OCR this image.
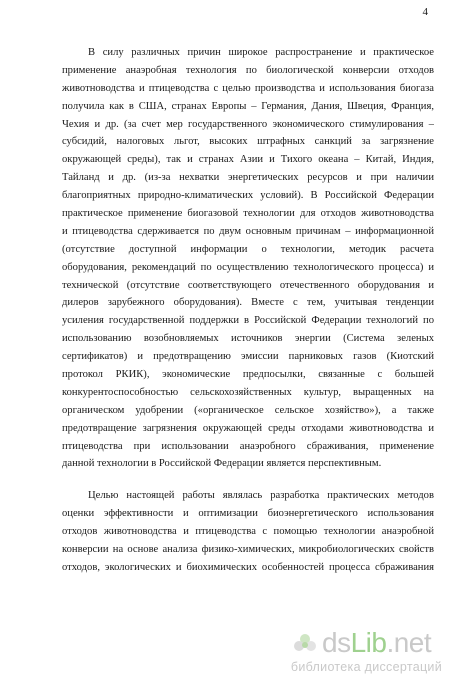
4
В силу различных причин широкое распространение и практическое
применение анаэробная технология по биологической конверсии отходов
животноводства и птицеводства с целью производства и использования биогаза
получила как в США, странах Европы – Германия, Дания, Швеция, Франция,
Чехия и др. (за счет мер государственного экономического стимулирования –
субсидий, налоговых льгот, высоких штрафных санкций за загрязнение
окружающей среды), так и странах Азии и Тихого океана – Китай, Индия,
Тайланд и др. (из-за нехватки энергетических ресурсов и при наличии
благоприятных природно-климатических условий). В Российской Федерации
практическое применение биогазовой технологии для отходов животноводства
и птицеводства сдерживается по двум основным причинам – информационной
(отсутствие доступной информации о технологии, методик расчета
оборудования, рекомендаций по осуществлению технологического процесса) и
технической (отсутствие соответствующего отечественного оборудования и
дилеров зарубежного оборудования). Вместе с тем, учитывая тенденции
усиления государственной поддержки в Российской Федерации технологий по
использованию возобновляемых источников энергии (Система зеленых
сертификатов) и предотвращению эмиссии парниковых газов (Киотский
протокол РКИК), экономические предпосылки, связанные с большей
конкурентоспособностью сельскохозяйственных культур, выращенных на
органическом удобрении («органическое сельское хозяйство»), а также
предотвращение загрязнения окружающей среды отходами животноводства и
птицеводства при использовании анаэробного сбраживания, применение
данной технологии в Российской Федерации является перспективным.
Целью настоящей работы являлась разработка практических методов
оценки эффективности и оптимизации биоэнергетического использования
отходов животноводства и птицеводства с помощью технологии анаэробной
конверсии на основе анализа физико-химических, микробиологических свойств
отходов, экологических и биохимических особенностей процесса сбраживания
dsLib.net
библиотека диссертаций
